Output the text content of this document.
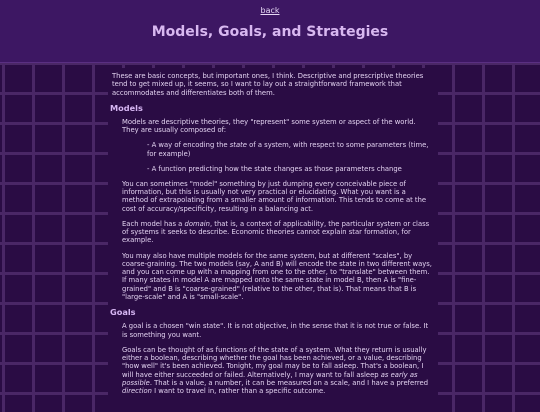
back
Models, Goals, and Strategies

These are basic concepts, but important ones, I think. Descriptive and prescriptive theories tend to get mixed up, it seems, so I want to lay out a straightforward framework that accommodates and differentiates both of them.

Models

Models are descriptive theories, they "represent" some system or aspect of the world. They are usually composed of:

- A way of encoding the state of a system, with respect to some parameters (time, for example)

- A function predicting how the state changes as those parameters change

You can sometimes "model" something by just dumping every conceivable piece of information, but this is usually not very practical or elucidating. What you want is a method of extrapolating from a smaller amount of information. This tends to come at the cost of accuracy/specificity, resulting in a balancing act.

Each model has a domain, that is, a context of applicability, the particular system or class of systems it seeks to describe. Economic theories cannot explain star formation, for example.

You may also have multiple models for the same system, but at different "scales", by coarse-graining. The two models (say, A and B) will encode the state in two different ways, and you can come up with a mapping from one to the other, to "translate" between them. If many states in model A are mapped onto the same state in model B, then A is "fine-grained" and B is "coarse-grained" (relative to the other, that is). That means that B is "large-scale" and A is "small-scale".

Goals

A goal is a chosen "win state". It is not objective, in the sense that it is not true or false. It is something you want.

Goals can be thought of as functions of the state of a system. What they return is usually either a boolean, describing whether the goal has been achieved, or a value, describing "how well" it's been achieved. Tonight, my goal may be to fall asleep. That's a boolean, I will have either succeeded or failed. Alternatively, I may want to fall asleep as early as possible. That is a value, a number, it can be measured on a scale, and I have a preferred direction I want to travel in, rather than a specific outcome.
